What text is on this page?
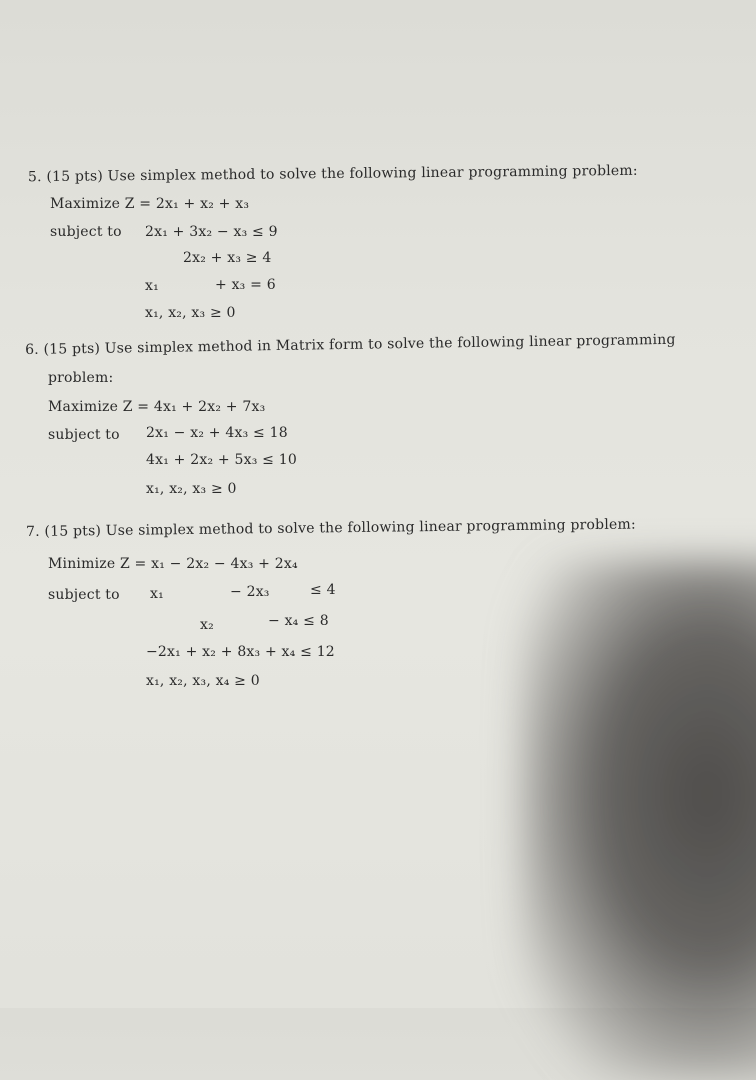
5. (15 pts) Use simplex method to solve the following linear programming problem:
Maximize Z = 2x₁ + x₂ + x₃
subject to 2x₁ + 3x₂ − x₃ ≤ 9
2x₂ + x₃ ≥ 4
x₁	+ x₃ = 6
x₁, x₂, x₃ ≥ 0
6. (15 pts) Use simplex method in Matrix form to solve the following linear programming
problem:
Maximize Z = 4x₁ + 2x₂ + 7x₃
subject to 2x₁ − x₂ + 4x₃ ≤ 18
4x₁ + 2x₂ + 5x₃ ≤ 10
x₁, x₂, x₃ ≥ 0
7. (15 pts) Use simplex method to solve the following linear programming problem:
Minimize Z = x₁ − 2x₂ − 4x₃ + 2x₄
subject to x₁	− 2x₃	≤ 4
x₂	− x₄ ≤ 8
−2x₁ + x₂ + 8x₃ + x₄ ≤ 12
x₁, x₂, x₃, x₄ ≥ 0
